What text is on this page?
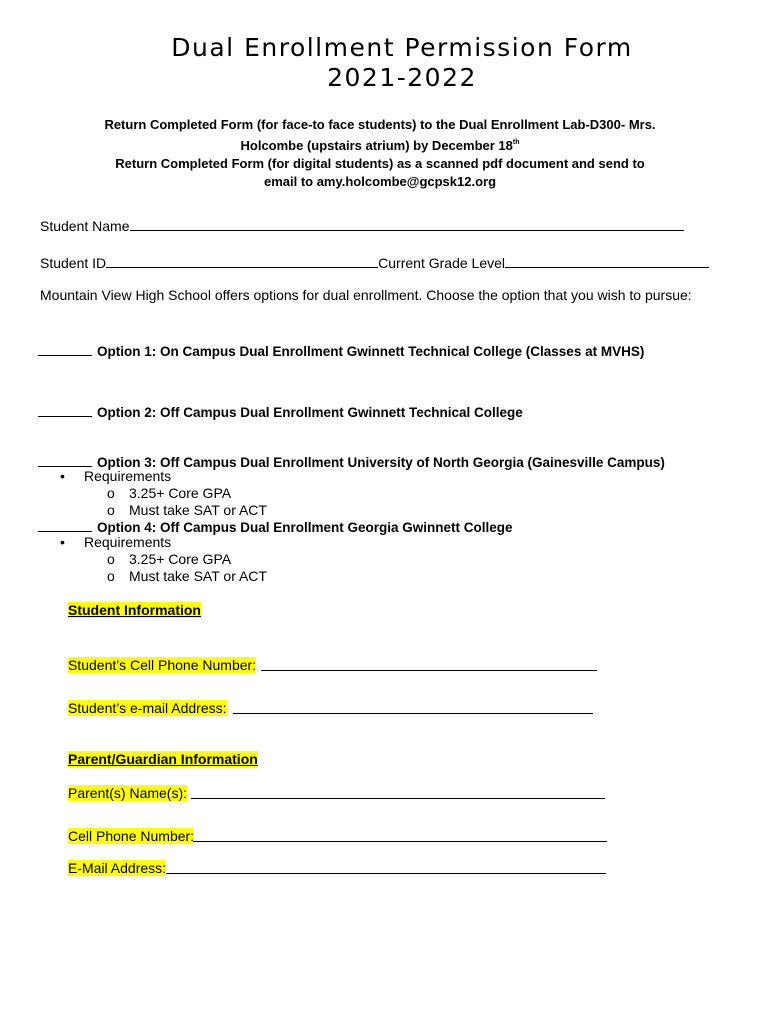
Dual Enrollment Permission Form
2021-2022
Return Completed Form (for face-to face students) to the Dual Enrollment Lab-D300- Mrs.
Holcombe (upstairs atrium) by December 18th
Return Completed Form (for digital students) as a scanned pdf document and send to
email to amy.holcombe@gcpsk12.org
Student Name
Student ID	Current Grade Level
Mountain View High School offers options for dual enrollment. Choose the option that you wish to pursue:
Option 1: On Campus Dual Enrollment Gwinnett Technical College (Classes at MVHS)
Option 2: Off Campus Dual Enrollment Gwinnett Technical College
Option 3: Off Campus Dual Enrollment University of North Georgia (Gainesville Campus)
• Requirements
o 3.25+ Core GPA
o Must take SAT or ACT
Option 4: Off Campus Dual Enrollment Georgia Gwinnett College
• Requirements
o 3.25+ Core GPA
o Must take SAT or ACT
Student Information
Student’s Cell Phone Number:
Student’s e-mail Address:
Parent/Guardian Information
Parent(s) Name(s):
Cell Phone Number:
E-Mail Address:
